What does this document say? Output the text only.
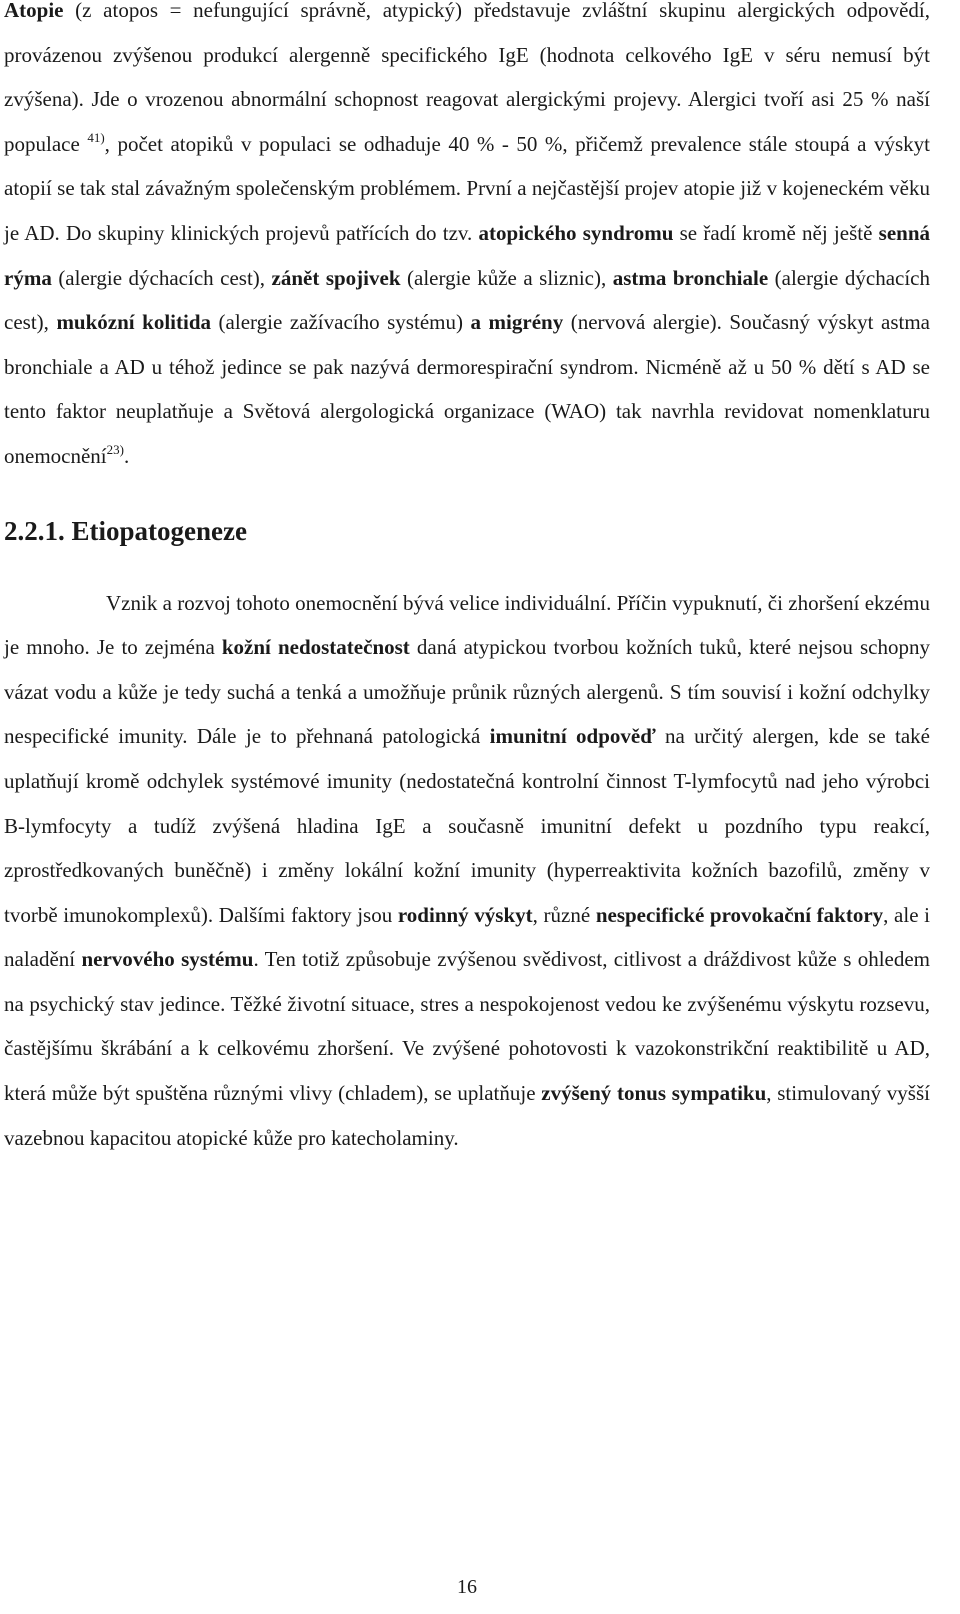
Atopie (z atopos = nefungující správně, atypický) představuje zvláštní skupinu alergických odpovědí, provázenou zvýšenou produkcí alergenně specifického IgE (hodnota celkového IgE v séru nemusí být zvýšena). Jde o vrozenou abnormální schopnost reagovat alergickými projevy. Alergici tvoří asi 25 % naší populace $^{41)}$, počet atopiků v populaci se odhaduje 40 % - 50 %, přičemž prevalence stále stoupá a výskyt atopií se tak stal závažným společenským problémem. První a nejčastější projev atopie již v kojeneckém věku je AD. Do skupiny klinických projevů patřících do tzv. atopického syndromu se řadí kromě něj ještě senná rýma (alergie dýchacích cest), zánět spojivek (alergie kůže a sliznic), astma bronchiale (alergie dýchacích cest), mukózní kolitida (alergie zažívacího systému) a migrény (nervová alergie). Současný výskyt astma bronchiale a AD u téhož jedince se pak nazývá dermorespirační syndrom. Nicméně až u 50 % dětí s AD se tento faktor neuplatňuje a Světová alergologická organizace (WAO) tak navrhla revidovat nomenklaturu onemocnění$^{23)}$.

2.2.1. Etiopatogeneze

Vznik a rozvoj tohoto onemocnění bývá velice individuální. Příčin vypuknutí, či zhoršení ekzému je mnoho. Je to zejména kožní nedostatečnost daná atypickou tvorbou kožních tuků, které nejsou schopny vázat vodu a kůže je tedy suchá a tenká a umožňuje průnik různých alergenů. S tím souvisí i kožní odchylky nespecifické imunity. Dále je to přehnaná patologická imunitní odpověď na určitý alergen, kde se také uplatňují kromě odchylek systémové imunity (nedostatečná kontrolní činnost T-lymfocytů nad jeho výrobci B-lymfocyty a tudíž zvýšená hladina IgE a současně imunitní defekt u pozdního typu reakcí, zprostředkovaných buněčně) i změny lokální kožní imunity (hyperreaktivita kožních bazofilů, změny v tvorbě imunokomplexů). Dalšími faktory jsou rodinný výskyt, různé nespecifické provokační faktory, ale i naladění nervového systému. Ten totiž způsobuje zvýšenou svědivost, citlivost a dráždivost kůže s ohledem na psychický stav jedince. Těžké životní situace, stres a nespokojenost vedou ke zvýšenému výskytu rozsevu, častějšímu škrábání a k celkovému zhoršení. Ve zvýšené pohotovosti k vazokonstrikční reaktibilitě u AD, která může být spuštěna různými vlivy (chladem), se uplatňuje zvýšený tonus sympatiku, stimulovaný vyšší vazebnou kapacitou atopické kůže pro katecholaminy.

16
